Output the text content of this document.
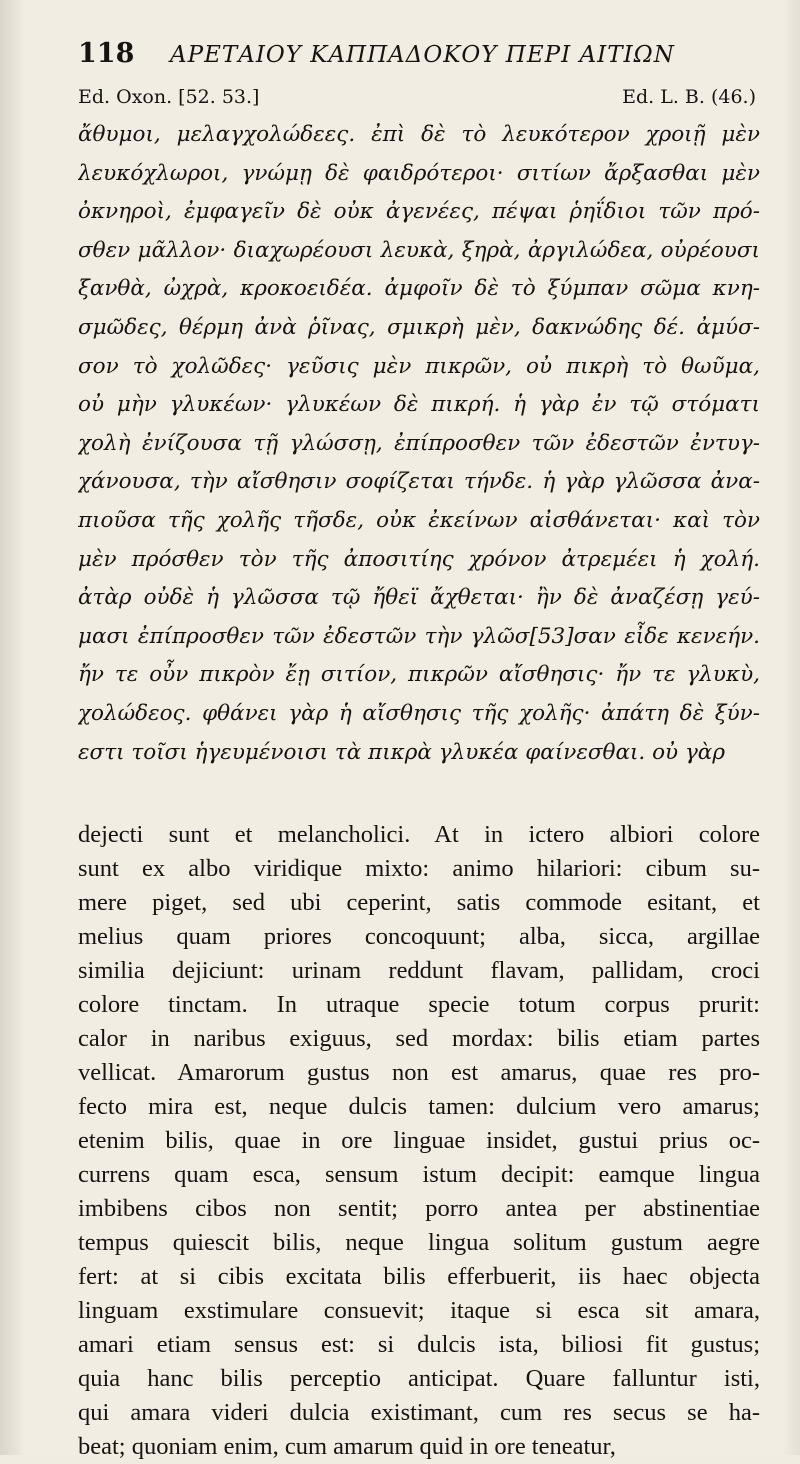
118	ΑΡΕΤΑΙΟΥ ΚΑΠΠΑΔΟΚΟΥ ΠΕΡΙ ΑΙΤΙΩΝ
Ed. Oxon. [52. 53.]	Ed. L. B. (46.)
ἄθυμοι, μελαγχολώδεες. ἐπὶ δὲ τὸ λευκότερον χροιῇ μὲν
λευκόχλωροι, γνώμῃ δὲ φαιδρότεροι· σιτίων ἄρξασθαι μὲν
ὀκνηροὶ, ἐμφαγεῖν δὲ οὐκ ἀγενέες, πέψαι ῥηΐδιοι τῶν πρό-
σθεν μᾶλλον· διαχωρέουσι λευκὰ, ξηρὰ, ἀργιλώδεα, οὐρέουσι
ξανθὰ, ὠχρὰ, κροκοειδέα. ἀμφοῖν δὲ τὸ ξύμπαν σῶμα κνη-
σμῶδες, θέρμη ἀνὰ ῥῖνας, σμικρὴ μὲν, δακνώδης δέ. ἀμύσ-
σον τὸ χολῶδες· γεῦσις μὲν πικρῶν, οὐ πικρὴ τὸ θωῦμα,
οὐ μὴν γλυκέων· γλυκέων δὲ πικρή. ἡ γὰρ ἐν τῷ στόματι
χολὴ ἐνίζουσα τῇ γλώσσῃ, ἐπίπροσθεν τῶν ἐδεστῶν ἐντυγ-
χάνουσα, τὴν αἴσθησιν σοφίζεται τήνδε. ἡ γὰρ γλῶσσα ἀνα-
πιοῦσα τῆς χολῆς τῆσδε, οὐκ ἐκείνων αἰσθάνεται· καὶ τὸν
μὲν πρόσθεν τὸν τῆς ἀποσιτίης χρόνον ἀτρεμέει ἡ χολή.
ἀτὰρ οὐδὲ ἡ γλῶσσα τῷ ἤθεϊ ἄχθεται· ἢν δὲ ἀναζέσῃ γεύ-
μασι ἐπίπροσθεν τῶν ἐδεστῶν τὴν γλῶσ[53]σαν εἶδε κενεήν.
ἤν τε οὖν πικρὸν ἔῃ σιτίον, πικρῶν αἴσθησις· ἤν τε γλυκὺ,
χολώδεος. φθάνει γὰρ ἡ αἴσθησις τῆς χολῆς· ἀπάτη δὲ ξύν-
εστι τοῖσι ἡγευμένοισι τὰ πικρὰ γλυκέα φαίνεσθαι. οὐ γὰρ
dejecti sunt et melancholici. At in ictero albiori colore
sunt ex albo viridique mixto: animo hilariori: cibum su-
mere piget, sed ubi ceperint, satis commode esitant, et
melius quam priores concoquunt; alba, sicca, argillae
similia dejiciunt: urinam reddunt flavam, pallidam, croci
colore tinctam. In utraque specie totum corpus prurit:
calor in naribus exiguus, sed mordax: bilis etiam partes
vellicat. Amarorum gustus non est amarus, quae res pro-
fecto mira est, neque dulcis tamen: dulcium vero amarus;
etenim bilis, quae in ore linguae insidet, gustui prius oc-
currens quam esca, sensum istum decipit: eamque lingua
imbibens cibos non sentit; porro antea per abstinentiae
tempus quiescit bilis, neque lingua solitum gustum aegre
fert: at si cibis excitata bilis efferbuerit, iis haec objecta
linguam exstimulare consuevit; itaque si esca sit amara,
amari etiam sensus est: si dulcis ista, biliosi fit gustus;
quia hanc bilis perceptio anticipat. Quare falluntur isti,
qui amara videri dulcia existimant, cum res secus se ha-
beat; quoniam enim, cum amarum quid in ore teneatur,
